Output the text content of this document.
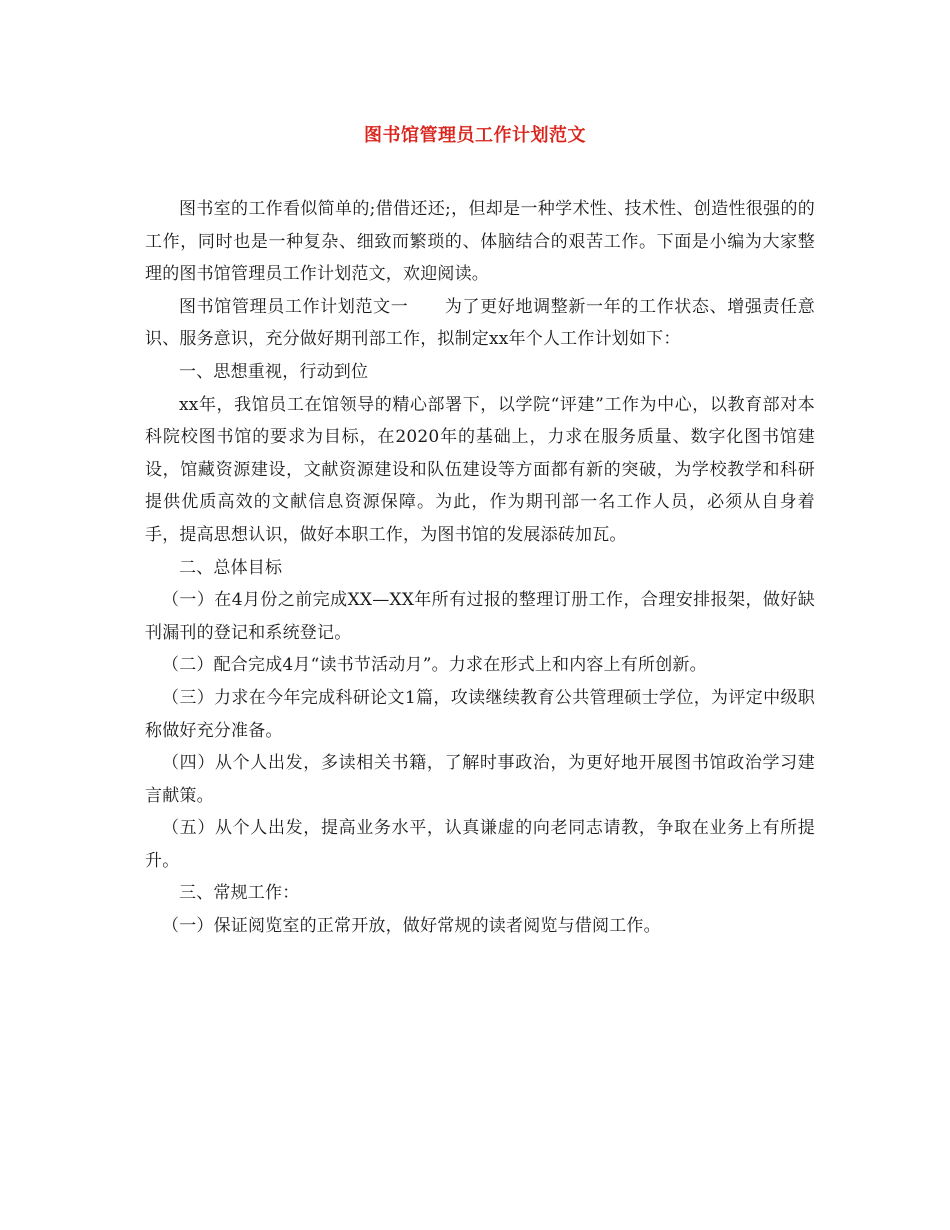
图书馆管理员工作计划范文

图书室的工作看似简单的;借借还还;，但却是一种学术性、技术性、创造性很强的的工作，同时也是一种复杂、细致而繁琐的、体脑结合的艰苦工作。下面是小编为大家整理的图书馆管理员工作计划范文，欢迎阅读。

图书馆管理员工作计划范文一 为了更好地调整新一年的工作状态、增强责任意识、服务意识，充分做好期刊部工作，拟制定xx年个人工作计划如下：

一、思想重视，行动到位

xx年，我馆员工在馆领导的精心部署下，以学院“评建”工作为中心，以教育部对本科院校图书馆的要求为目标，在2020年的基础上，力求在服务质量、数字化图书馆建设，馆藏资源建设，文献资源建设和队伍建设等方面都有新的突破，为学校教学和科研提供优质高效的文献信息资源保障。为此，作为期刊部一名工作人员，必须从自身着手，提高思想认识，做好本职工作，为图书馆的发展添砖加瓦。

二、总体目标

（一）在4月份之前完成XX—XX年所有过报的整理订册工作，合理安排报架，做好缺刊漏刊的登记和系统登记。

（二）配合完成4月“读书节活动月”。力求在形式上和内容上有所创新。

（三）力求在今年完成科研论文1篇，攻读继续教育公共管理硕士学位，为评定中级职称做好充分准备。

（四）从个人出发，多读相关书籍，了解时事政治，为更好地开展图书馆政治学习建言献策。

（五）从个人出发，提高业务水平，认真谦虚的向老同志请教，争取在业务上有所提升。

三、常规工作：

（一）保证阅览室的正常开放，做好常规的读者阅览与借阅工作。
